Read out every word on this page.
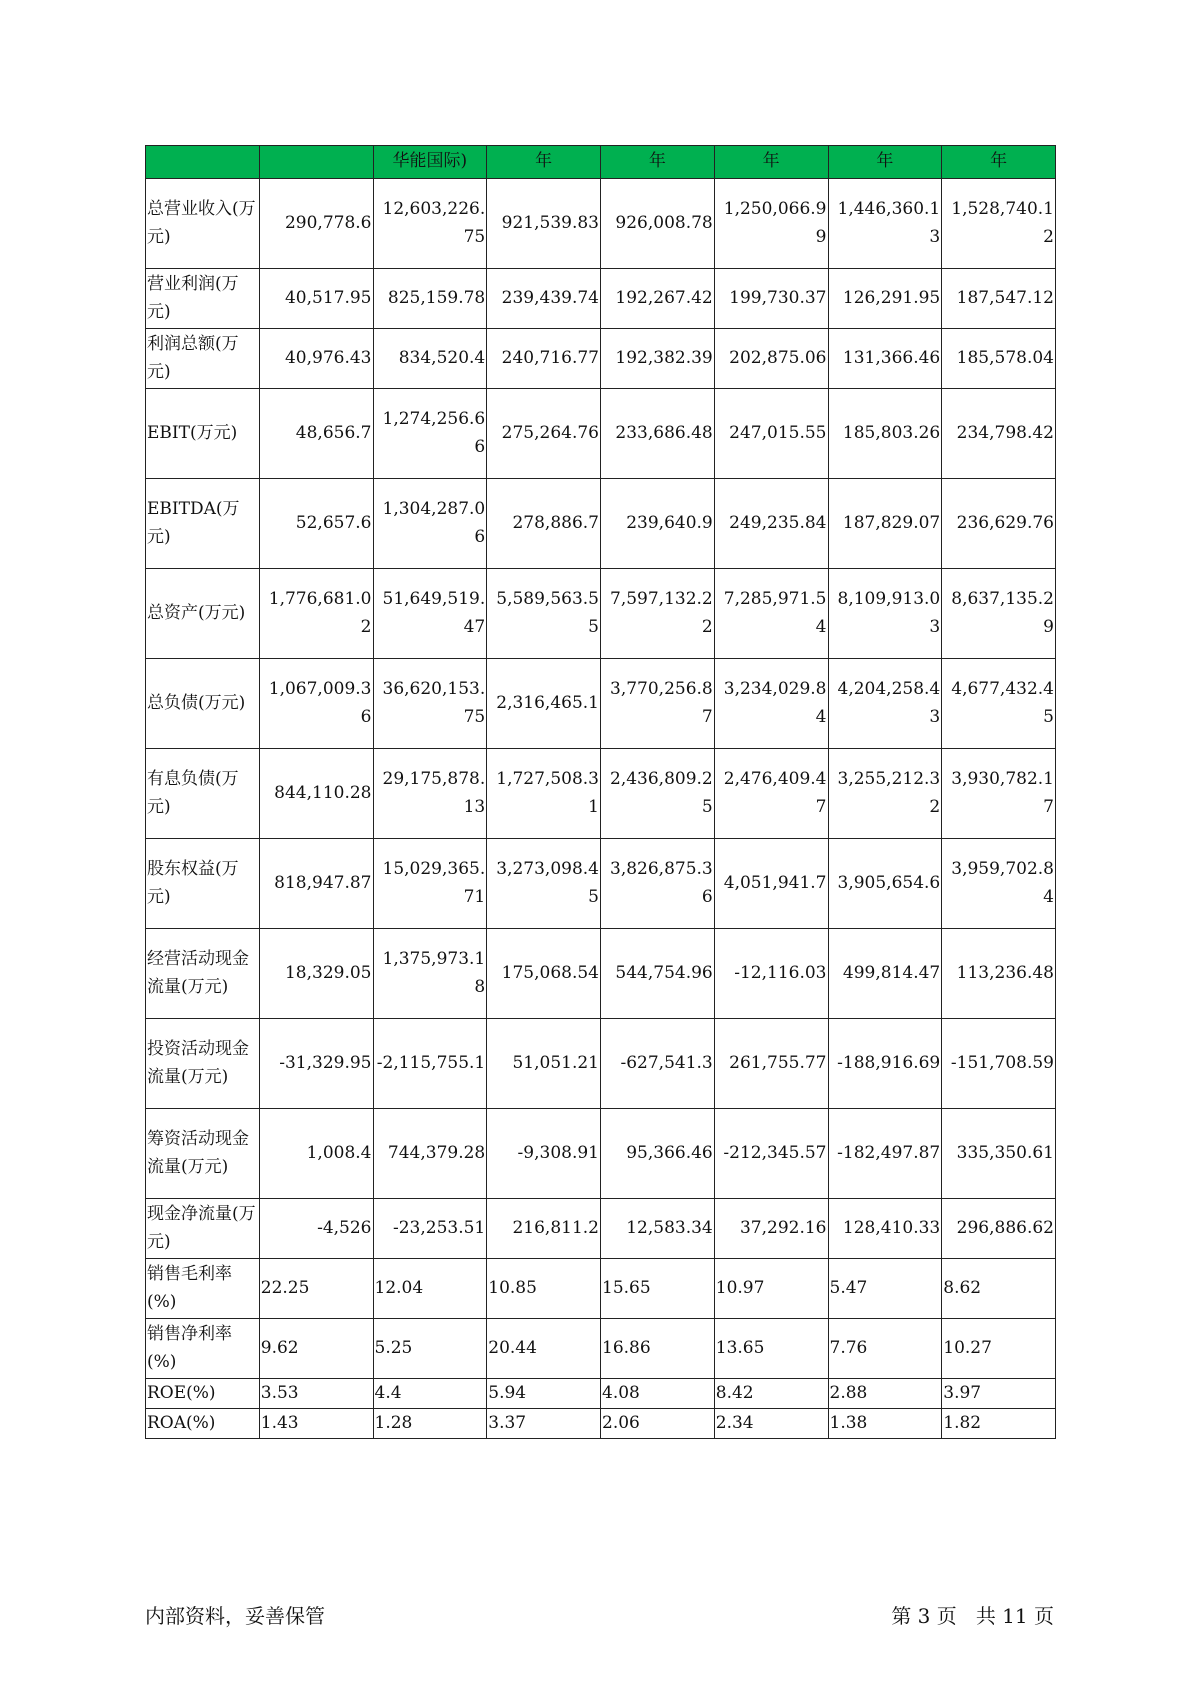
		华能国际)	年	年	年	年	年
总营业收入(万元)	290,778.6	12,603,226.75	921,539.83	926,008.78	1,250,066.99	1,446,360.13	1,528,740.12
营业利润(万元)	40,517.95	825,159.78	239,439.74	192,267.42	199,730.37	126,291.95	187,547.12
利润总额(万元)	40,976.43	834,520.4	240,716.77	192,382.39	202,875.06	131,366.46	185,578.04
EBIT(万元)	48,656.7	1,274,256.66	275,264.76	233,686.48	247,015.55	185,803.26	234,798.42
EBITDA(万元)	52,657.6	1,304,287.06	278,886.7	239,640.9	249,235.84	187,829.07	236,629.76
总资产(万元)	1,776,681.02	51,649,519.47	5,589,563.55	7,597,132.22	7,285,971.54	8,109,913.03	8,637,135.29
总负债(万元)	1,067,009.36	36,620,153.75	2,316,465.1	3,770,256.87	3,234,029.84	4,204,258.43	4,677,432.45
有息负债(万元)	844,110.28	29,175,878.13	1,727,508.31	2,436,809.25	2,476,409.47	3,255,212.32	3,930,782.17
股东权益(万元)	818,947.87	15,029,365.71	3,273,098.45	3,826,875.36	4,051,941.7	3,905,654.6	3,959,702.84
经营活动现金流量(万元)	18,329.05	1,375,973.18	175,068.54	544,754.96	-12,116.03	499,814.47	113,236.48
投资活动现金流量(万元)	-31,329.95	-2,115,755.1	51,051.21	-627,541.3	261,755.77	-188,916.69	-151,708.59
筹资活动现金流量(万元)	1,008.4	744,379.28	-9,308.91	95,366.46	-212,345.57	-182,497.87	335,350.61
现金净流量(万元)	-4,526	-23,253.51	216,811.2	12,583.34	37,292.16	128,410.33	296,886.62
销售毛利率(%)	22.25	12.04	10.85	15.65	10.97	5.47	8.62
销售净利率(%)	9.62	5.25	20.44	16.86	13.65	7.76	10.27
ROE(%)	3.53	4.4	5.94	4.08	8.42	2.88	3.97
ROA(%)	1.43	1.28	3.37	2.06	2.34	1.38	1.82
内部资料，妥善保管	第 3 页   共 11 页
